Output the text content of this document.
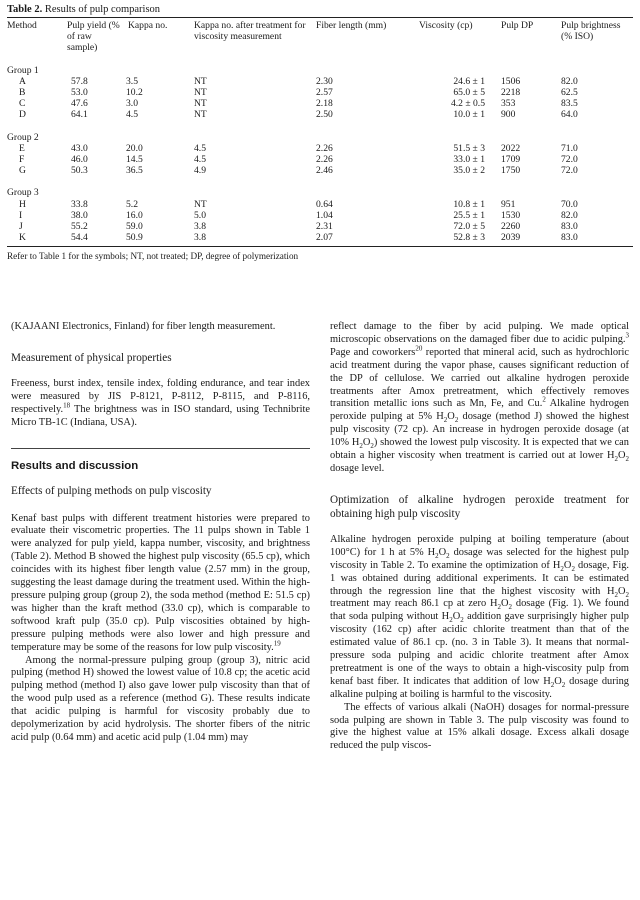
Table 2. Results of pulp comparison
Method	Pulp yield (% of raw sample)	Kappa no.	Kappa no. after treatment for viscosity measurement	Fiber length (mm)	Viscosity (cp)	Pulp DP	Pulp brightness (% ISO)
Group 1							
A	57.8	3.5	NT	2.30	24.6 ± 1	1506	82.0
B	53.0	10.2	NT	2.57	65.0 ± 5	2218	62.5
C	47.6	3.0	NT	2.18	4.2 ± 0.5	353	83.5
D	64.1	4.5	NT	2.50	10.0 ± 1	900	64.0
Group 2							
E	43.0	20.0	4.5	2.26	51.5 ± 3	2022	71.0
F	46.0	14.5	4.5	2.26	33.0 ± 1	1709	72.0
G	50.3	36.5	4.9	2.46	35.0 ± 2	1750	72.0
Group 3							
H	33.8	5.2	NT	0.64	10.8 ± 1	951	70.0
I	38.0	16.0	5.0	1.04	25.5 ± 1	1530	82.0
J	55.2	59.0	3.8	2.31	72.0 ± 5	2260	83.0
K	54.4	50.9	3.8	2.07	52.8 ± 3	2039	83.0
Refer to Table 1 for the symbols; NT, not treated; DP, degree of polymerization

(KAJAANI Electronics, Finland) for fiber length measurement.

Measurement of physical properties

Freeness, burst index, tensile index, folding endurance, and tear index were measured by JIS P-8121, P-8112, P-8115, and P-8116, respectively.$^{18}$ The brightness was in ISO standard, using Technibrite Micro TB-1C (Indiana, USA).

Results and discussion

Effects of pulping methods on pulp viscosity

Kenaf bast pulps with different treatment histories were prepared to evaluate their viscometric properties. The 11 pulps shown in Table 1 were analyzed for pulp yield, kappa number, viscosity, and brightness (Table 2). Method B showed the highest pulp viscosity (65.5 cp), which coincides with its highest fiber length value (2.57 mm) in the group, suggesting the least damage during the treatment used. Within the high-pressure pulping group (group 2), the soda method (method E: 51.5 cp) was higher than the kraft method (33.0 cp), which is comparable to softwood kraft pulp (35.0 cp). Pulp viscosities obtained by high-pressure pulping methods were also lower and high pressure and temperature may be some of the reasons for low pulp viscosity.$^{19}$

Among the normal-pressure pulping group (group 3), nitric acid pulping (method H) showed the lowest value of 10.8 cp; the acetic acid pulping method (method I) also gave lower pulp viscosity than that of the wood pulp used as a reference (method G). These results indicate that acidic pulping is harmful for viscosity probably due to depolymerization by acid hydrolysis. The shorter fibers of the nitric acid pulp (0.64 mm) and acetic acid pulp (1.04 mm) may

reflect damage to the fiber by acid pulping. We made optical microscopic observations on the damaged fiber due to acidic pulping.$^3$ Page and coworkers$^{20}$ reported that mineral acid, such as hydrochloric acid treatment during the vapor phase, causes significant reduction of the DP of cellulose. We carried out alkaline hydrogen peroxide treatments after Amox pretreatment, which effectively removes transition metallic ions such as Mn, Fe, and Cu.$^2$ Alkaline hydrogen peroxide pulping at 5% $H_2O_2$ dosage (method J) showed the highest pulp viscosity (72 cp). An increase in hydrogen peroxide dosage (at 10% $H_2O_2$) showed the lowest pulp viscosity. It is expected that we can obtain a higher viscosity when treatment is carried out at lower $H_2O_2$ dosage level.

Optimization of alkaline hydrogen peroxide treatment for obtaining high pulp viscosity

Alkaline hydrogen peroxide pulping at boiling temperature (about 100°C) for 1 h at 5% $H_2O_2$ dosage was selected for the highest pulp viscosity in Table 2. To examine the optimization of $H_2O_2$ dosage, Fig. 1 was obtained during additional experiments. It can be estimated through the regression line that the highest viscosity with $H_2O_2$ treatment may reach 86.1 cp at zero $H_2O_2$ dosage (Fig. 1). We found that soda pulping without $H_2O_2$ addition gave surprisingly higher pulp viscosity (162 cp) after acidic chlorite treatment than that of the estimated value of 86.1 cp. (no. 3 in Table 3). It means that normal-pressure soda pulping and acidic chlorite treatment after Amox pretreatment is one of the ways to obtain a high-viscosity pulp from kenaf bast fiber. It indicates that addition of low $H_2O_2$ dosage during alkaline pulping at boiling is harmful to the viscosity.

The effects of various alkali (NaOH) dosages for normal-pressure soda pulping are shown in Table 3. The pulp viscosity was found to give the highest value at 15% alkali dosage. Excess alkali dosage reduced the pulp viscos-
